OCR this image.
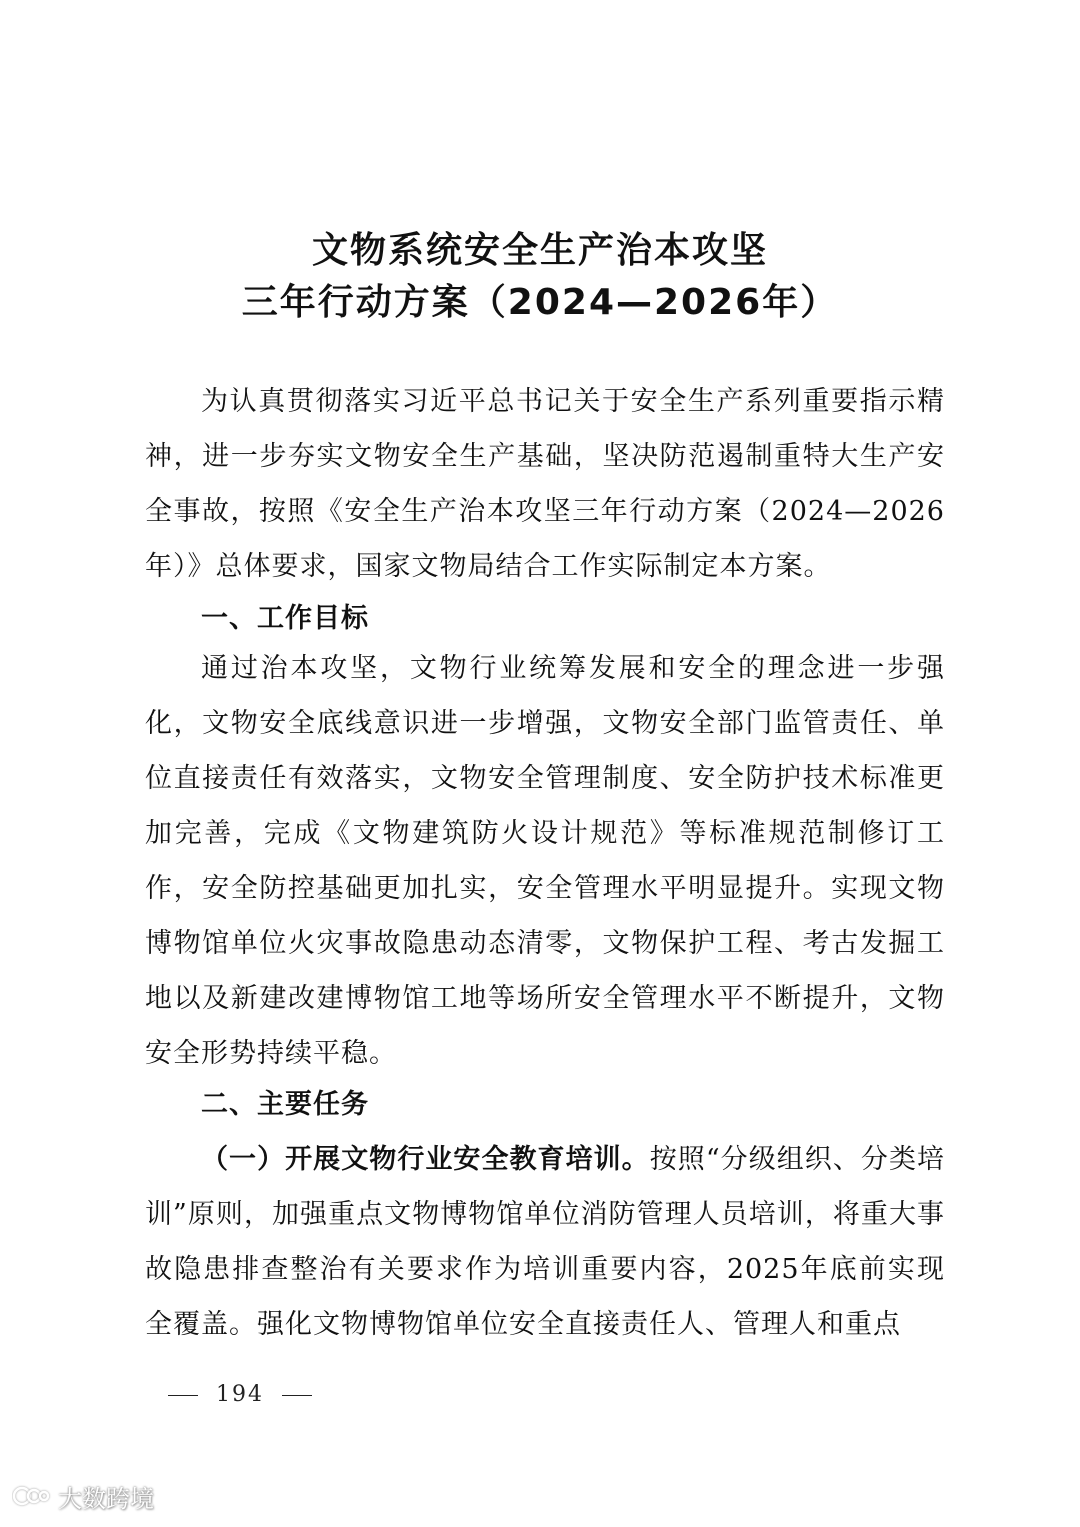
文物系统安全生产治本攻坚
三年行动方案（2024—2026年）

为认真贯彻落实习近平总书记关于安全生产系列重要指示精神，进一步夯实文物安全生产基础，坚决防范遏制重特大生产安全事故，按照《安全生产治本攻坚三年行动方案（2024—2026年）》总体要求，国家文物局结合工作实际制定本方案。

一、工作目标

通过治本攻坚，文物行业统筹发展和安全的理念进一步强化，文物安全底线意识进一步增强，文物安全部门监管责任、单位直接责任有效落实，文物安全管理制度、安全防护技术标准更加完善，完成《文物建筑防火设计规范》等标准规范制修订工作，安全防控基础更加扎实，安全管理水平明显提升。实现文物博物馆单位火灾事故隐患动态清零，文物保护工程、考古发掘工地以及新建改建博物馆工地等场所安全管理水平不断提升，文物安全形势持续平稳。

二、主要任务

（一）开展文物行业安全教育培训。按照“分级组织、分类培训”原则，加强重点文物博物馆单位消防管理人员培训，将重大事故隐患排查整治有关要求作为培训重要内容，2025年底前实现全覆盖。强化文物博物馆单位安全直接责任人、管理人和重点

194
大数跨境
